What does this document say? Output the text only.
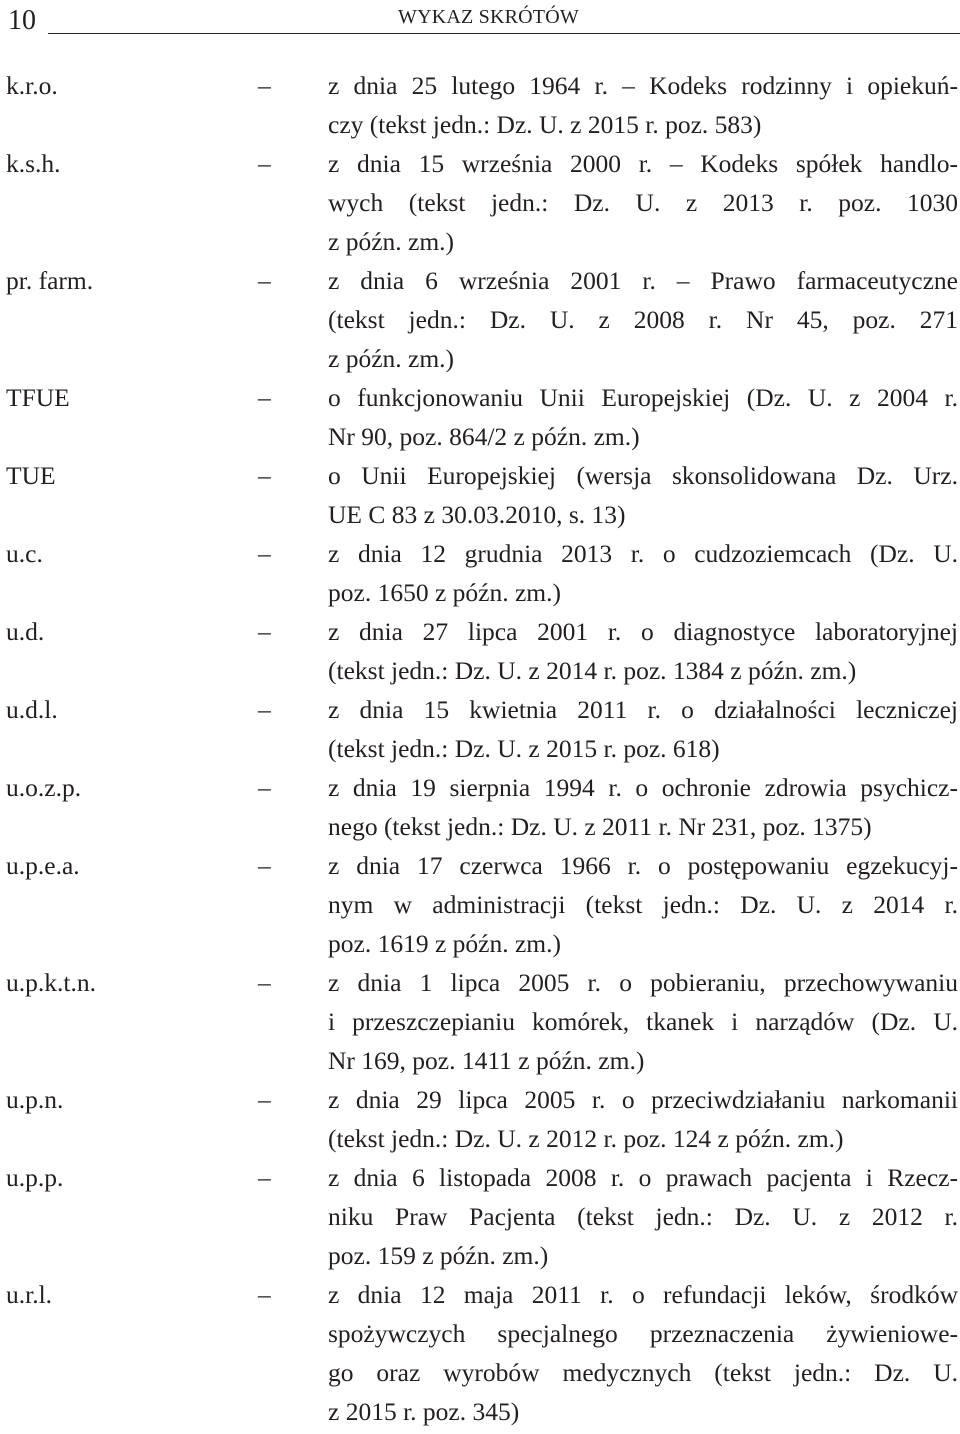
10	WYKAZ SKRÓTÓW
k.r.o.	–	z dnia 25 lutego 1964 r. – Kodeks rodzinny i opiekuń-
czy (tekst jedn.: Dz. U. z 2015 r. poz. 583)
k.s.h.	–	z dnia 15 września 2000 r. – Kodeks spółek handlo-
wych (tekst jedn.: Dz. U. z 2013 r. poz. 1030
z późn. zm.)
pr. farm.	–	z dnia 6 września 2001 r. – Prawo farmaceutyczne
(tekst jedn.: Dz. U. z 2008 r. Nr 45, poz. 271
z późn. zm.)
TFUE	–	o funkcjonowaniu Unii Europejskiej (Dz. U. z 2004 r.
Nr 90, poz. 864/2 z późn. zm.)
TUE	–	o Unii Europejskiej (wersja skonsolidowana Dz. Urz.
UE C 83 z 30.03.2010, s. 13)
u.c.	–	z dnia 12 grudnia 2013 r. o cudzoziemcach (Dz. U.
poz. 1650 z późn. zm.)
u.d.	–	z dnia 27 lipca 2001 r. o diagnostyce laboratoryjnej
(tekst jedn.: Dz. U. z 2014 r. poz. 1384 z późn. zm.)
u.d.l.	–	z dnia 15 kwietnia 2011 r. o działalności leczniczej
(tekst jedn.: Dz. U. z 2015 r. poz. 618)
u.o.z.p.	–	z dnia 19 sierpnia 1994 r. o ochronie zdrowia psychicz-
nego (tekst jedn.: Dz. U. z 2011 r. Nr 231, poz. 1375)
u.p.e.a.	–	z dnia 17 czerwca 1966 r. o postępowaniu egzekucyj-
nym w administracji (tekst jedn.: Dz. U. z 2014 r.
poz. 1619 z późn. zm.)
u.p.k.t.n.	–	z dnia 1 lipca 2005 r. o pobieraniu, przechowywaniu
i przeszczepianiu komórek, tkanek i narządów (Dz. U.
Nr 169, poz. 1411 z późn. zm.)
u.p.n.	–	z dnia 29 lipca 2005 r. o przeciwdziałaniu narkomanii
(tekst jedn.: Dz. U. z 2012 r. poz. 124 z późn. zm.)
u.p.p.	–	z dnia 6 listopada 2008 r. o prawach pacjenta i Rzecz-
niku Praw Pacjenta (tekst jedn.: Dz. U. z 2012 r.
poz. 159 z późn. zm.)
u.r.l.	–	z dnia 12 maja 2011 r. o refundacji leków, środków
spożywczych specjalnego przeznaczenia żywieniowe-
go oraz wyrobów medycznych (tekst jedn.: Dz. U.
z 2015 r. poz. 345)
